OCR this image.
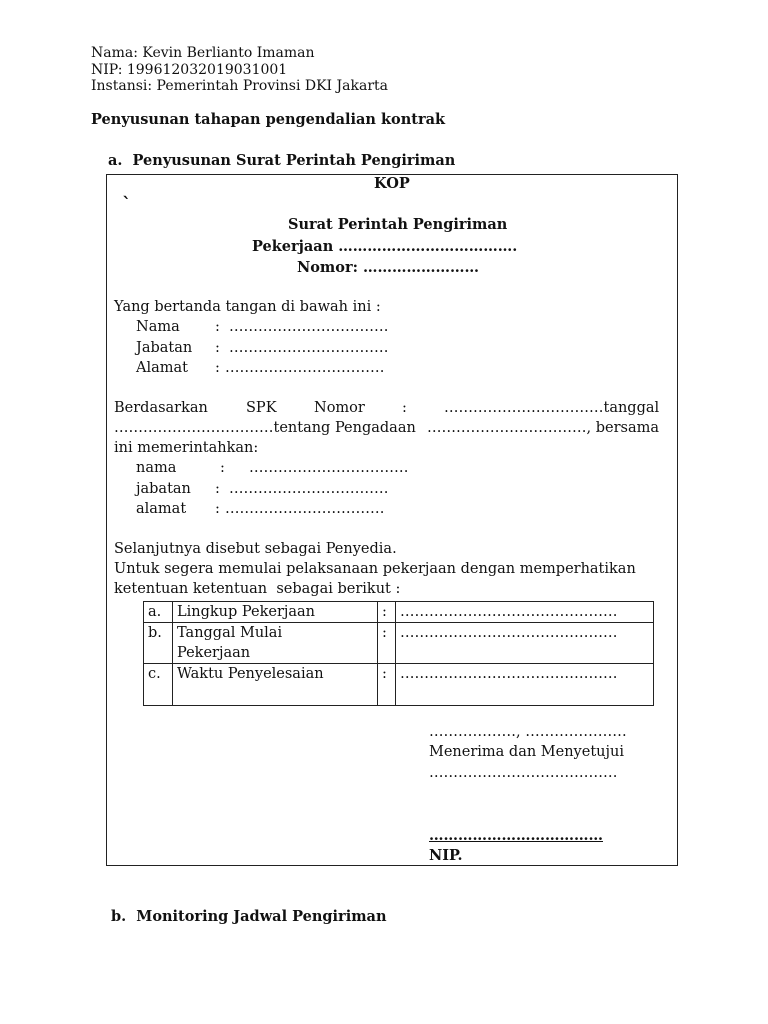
Nama: Kevin Berlianto Imaman
NIP: 199612032019031001
Instansi: Pemerintah Provinsi DKI Jakarta
Penyusunan tahapan pengendalian kontrak
a.  Penyusunan Surat Perintah Pengiriman
KOP
`
Surat Perintah Pengiriman
Pekerjaan ……………………………….
Nomor: ……………………
Yang bertanda tangan di bawah ini :
Nama : ……………………………
Jabatan : ……………………………
Alamat : ……………………………
Berdasarkan	SPK	Nomor	:	……………………………tanggal
……………………………tentang Pengadaan ……………………………, bersama
ini memerintahkan:
nama	: ……………………………
jabatan : ……………………………
alamat : ……………………………
Selanjutnya disebut sebagai Penyedia.
Untuk segera memulai pelaksanaan pekerjaan dengan memperhatikan
ketentuan ketentuan  sebagai berikut :
a.	Lingkup Pekerjaan	:	………………………………………
b.	Tanggal Mulai Pekerjaan	:	………………………………………
c.	Waktu Penyelesaian	:	………………………………………
………………, …………………
Menerima dan Menyetujui
…………………………………
………………………………
NIP.
b.  Monitoring Jadwal Pengiriman
